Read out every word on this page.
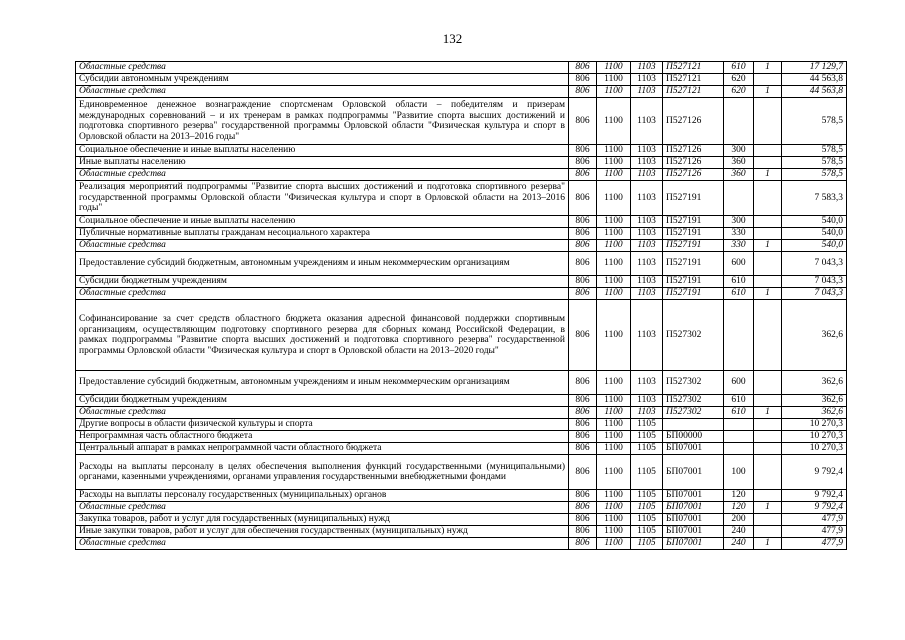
132
Областные средства	806	1100	1103	П527121	610	1	17 129,7
Субсидии автономным учреждениям	806	1100	1103	П527121	620		44 563,8
Областные средства	806	1100	1103	П527121	620	1	44 563,8
Единовременное денежное вознаграждение спортсменам Орловской области – победителям и призерам международных соревнований – и их тренерам в рамках подпрограммы "Развитие спорта высших достижений и подготовка спортивного резерва" государственной программы Орловской области "Физическая культура и спорт в Орловской области на 2013–2016 годы"	806	1100	1103	П527126			578,5
Социальное обеспечение и иные выплаты населению	806	1100	1103	П527126	300		578,5
Иные выплаты населению	806	1100	1103	П527126	360		578,5
Областные средства	806	1100	1103	П527126	360	1	578,5
Реализация мероприятий подпрограммы "Развитие спорта высших достижений и подготовка спортивного резерва" государственной программы Орловской области "Физическая культура и спорт в Орловской области на 2013–2016 годы"	806	1100	1103	П527191			7 583,3
Социальное обеспечение и иные выплаты населению	806	1100	1103	П527191	300		540,0
Публичные нормативные выплаты гражданам несоциального характера	806	1100	1103	П527191	330		540,0
Областные средства	806	1100	1103	П527191	330	1	540,0
Предоставление субсидий бюджетным, автономным учреждениям и иным некоммерческим организациям	806	1100	1103	П527191	600		7 043,3
Субсидии бюджетным учреждениям	806	1100	1103	П527191	610		7 043,3
Областные средства	806	1100	1103	П527191	610	1	7 043,3
Софинансирование за счет средств областного бюджета оказания адресной финансовой поддержки спортивным организациям, осуществляющим подготовку спортивного резерва для сборных команд Российской Федерации, в рамках подпрограммы "Развитие спорта высших достижений и подготовка спортивного резерва" государственной программы Орловской области "Физическая культура и спорт в Орловской области на 2013–2020 годы"	806	1100	1103	П527302			362,6
Предоставление субсидий бюджетным, автономным учреждениям и иным некоммерческим организациям	806	1100	1103	П527302	600		362,6
Субсидии бюджетным учреждениям	806	1100	1103	П527302	610		362,6
Областные средства	806	1100	1103	П527302	610	1	362,6
Другие вопросы в области физической культуры и спорта	806	1100	1105				10 270,3
Непрограммная часть областного бюджета	806	1100	1105	БП00000			10 270,3
Центральный аппарат в рамках непрограммной части областного бюджета	806	1100	1105	БП07001			10 270,3
Расходы на выплаты персоналу в целях обеспечения выполнения функций государственными (муниципальными) органами, казенными учреждениями, органами управления государственными внебюджетными фондами	806	1100	1105	БП07001	100		9 792,4
Расходы на выплаты персоналу государственных (муниципальных) органов	806	1100	1105	БП07001	120		9 792,4
Областные средства	806	1100	1105	БП07001	120	1	9 792,4
Закупка товаров, работ и услуг для государственных (муниципальных) нужд	806	1100	1105	БП07001	200		477,9
Иные закупки товаров, работ и услуг для обеспечения государственных (муниципальных) нужд	806	1100	1105	БП07001	240		477,9
Областные средства	806	1100	1105	БП07001	240	1	477,9
